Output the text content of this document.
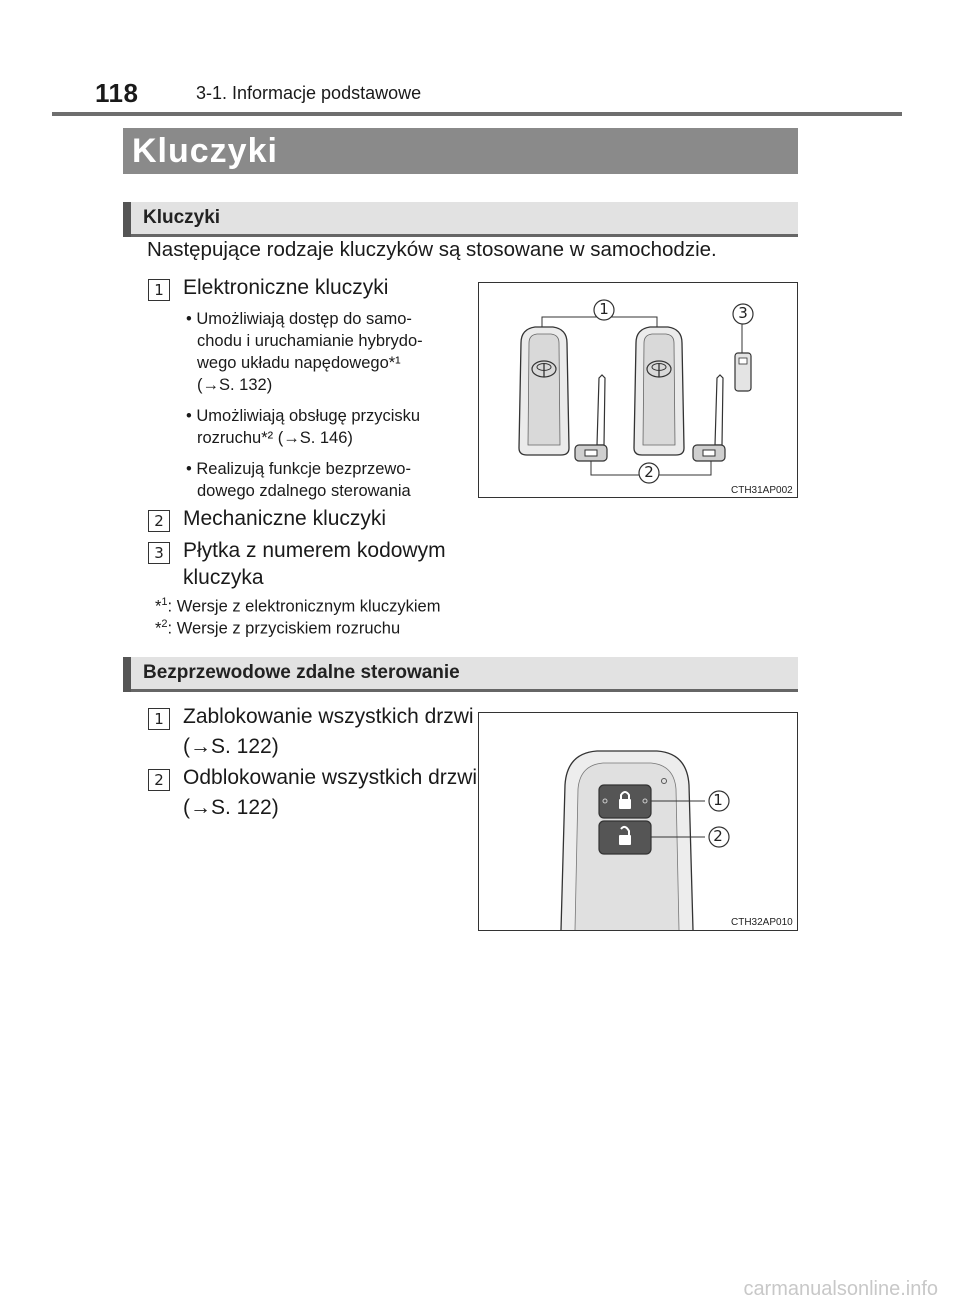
118	3-1. Informacje podstawowe
Kluczyki
Kluczyki
Następujące rodzaje kluczyków są stosowane w samochodzie.
1 Elektroniczne kluczyki
• Umożliwiają dostęp do samo-
chodu i uruchamianie hybrydo-
wego układu napędowego*¹
(→S. 132)
• Umożliwiają obsługę przycisku
rozruchu*² (→S. 146)
• Realizują funkcje bezprzewo-
dowego zdalnego sterowania
2 Mechaniczne kluczyki
3 Płytka z numerem kodowym
kluczyka
*$^1$: Wersje z elektronicznym kluczykiem
*$^2$: Wersje z przyciskiem rozruchu
1	3
2
CTH31AP002
Bezprzewodowe zdalne sterowanie
1 Zablokowanie wszystkich drzwi
(→S. 122)
2 Odblokowanie wszystkich drzwi
(→S. 122)	1
2
CTH32AP010
carmanualsonline.info
